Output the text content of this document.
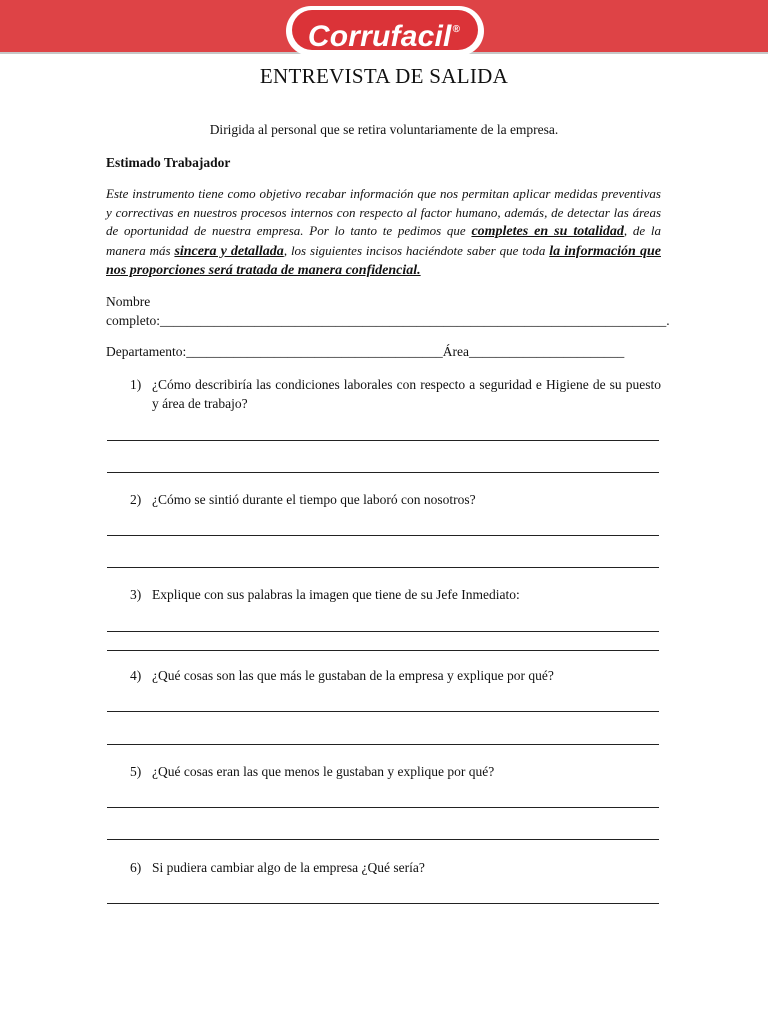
Corrufacil®
ENTREVISTA DE SALIDA
Dirigida al personal que se retira voluntariamente de la empresa.
Estimado Trabajador

Este instrumento tiene como objetivo recabar información que nos permitan aplicar medidas preventivas y correctivas en nuestros procesos internos con respecto al factor humano, además, de detectar las áreas de oportunidad de nuestra empresa. Por lo tanto te pedimos que completes en su totalidad, de la manera más sincera y detallada, los siguientes incisos haciéndote saber que toda la información que nos proporciones será tratada de manera confidencial.

Nombre
completo:___________________________________________________________________________.
Departamento:______________________________________Área_______________________
1) ¿Cómo describiría las condiciones laborales con respecto a seguridad e Higiene de su puesto y área de trabajo?
2) ¿Cómo se sintió durante el tiempo que laboró con nosotros?
3) Explique con sus palabras la imagen que tiene de su Jefe Inmediato:
4) ¿Qué cosas son las que más le gustaban de la empresa y explique por qué?
5) ¿Qué cosas eran las que menos le gustaban y explique por qué?
6) Si pudiera cambiar algo de la empresa ¿Qué sería?
